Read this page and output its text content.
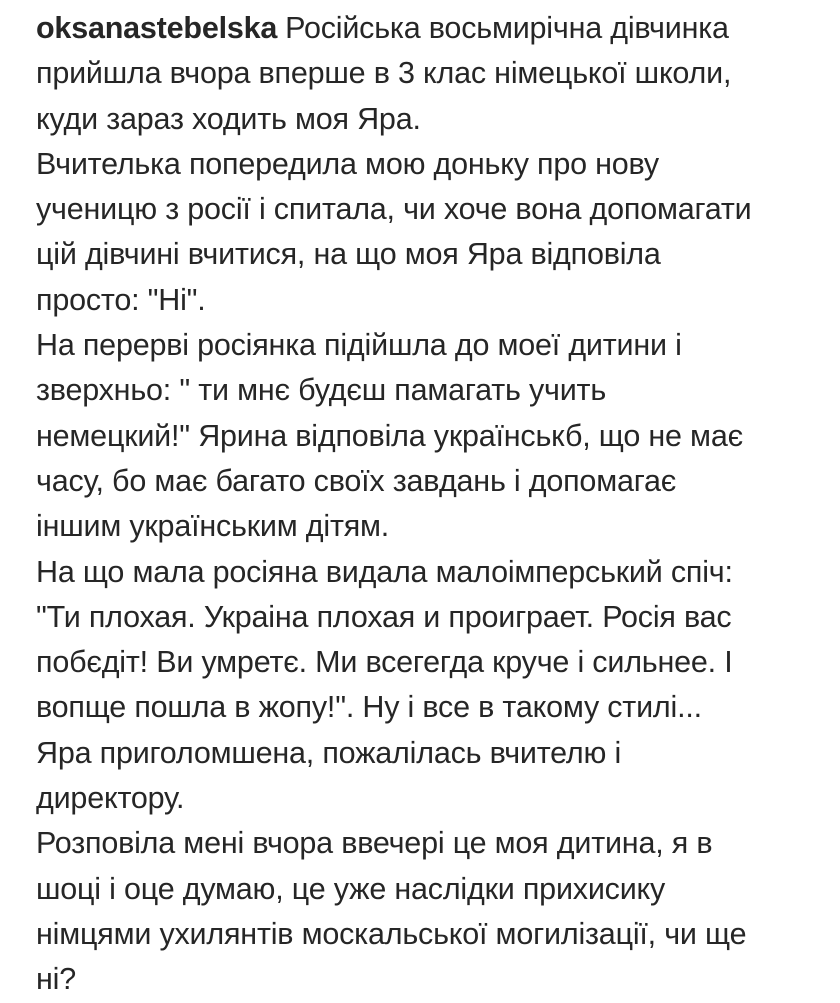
oksanastebelska Російська восьмирічна дівчинка
прийшла вчора вперше в 3 клас німецької школи,
куди зараз ходить моя Яра.
Вчителька попередила мою доньку про нову
ученицю з росії і спитала, чи хоче вона допомагати
цій дівчині вчитися, на що моя Яра відповіла
просто: "Ні".
На перерві росіянка підійшла до моеї дитини і
зверхньо: " ти мнє будєш памагать учить
немецкий!" Ярина відповіла українськб, що не має
часу, бо має багато своїх завдань і допомагає
іншим українським дітям.
На що мала росіяна видала малоімперський спіч:
"Ти плохая. Украіна плохая и проиграет. Росія вас
побєдіт! Ви умретє. Ми всегегда круче і сильнее. І
вопще пошла в жопу!". Ну і все в такому стилі...
Яра приголомшена, пожалілась вчителю і
директору.
Розповіла мені вчора ввечері це моя дитина, я в
шоці і оце думаю, це уже наслідки прихисику
німцями ухилянтів москальської могилізації, чи ще
ні?
